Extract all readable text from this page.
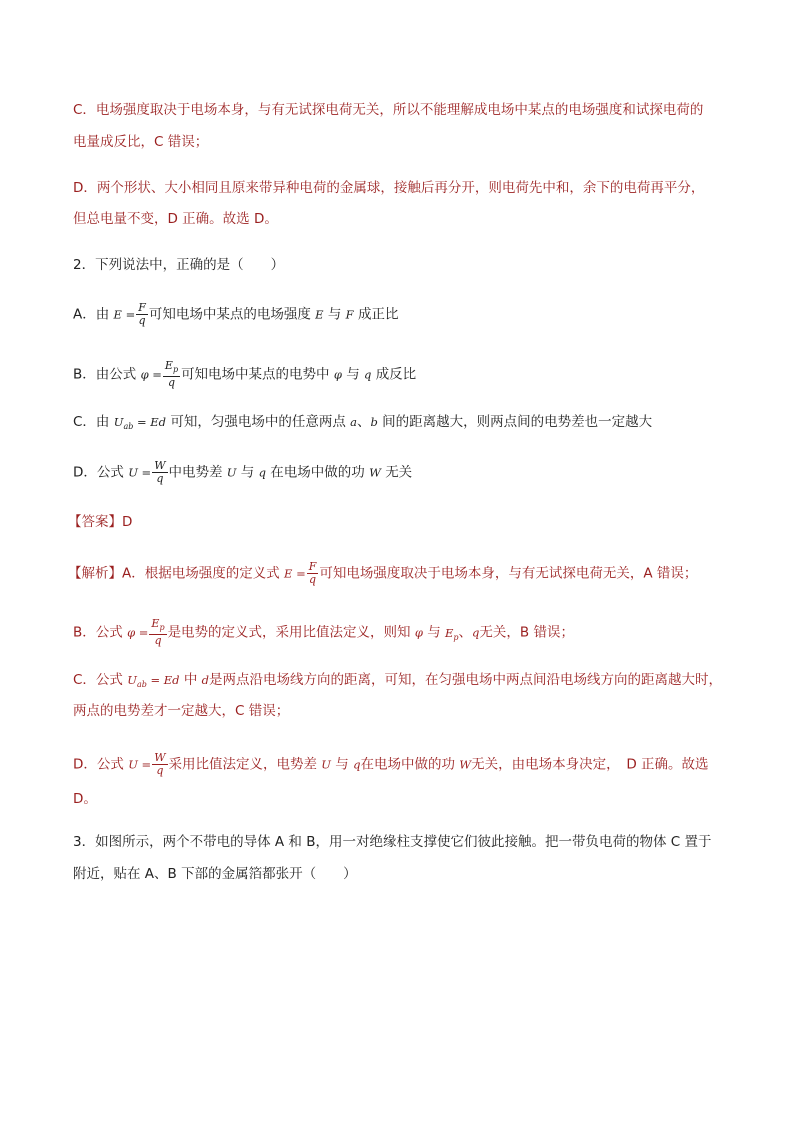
C．电场强度取决于电场本身，与有无试探电荷无关，所以不能理解成电场中某点的电场强度和试探电荷的
电量成反比，C 错误；
D．两个形状、大小相同且原来带异种电荷的金属球，接触后再分开，则电荷先中和，余下的电荷再平分，
但总电量不变，D 正确。故选 D。
2．下列说法中，正确的是（　　）
A．由 $E = \frac{F}{q}$ 可知电场中某点的电场强度 E 与 F 成正比
B．由公式 $\varphi = \frac{E_p}{q}$ 可知电场中某点的电势中 φ 与 q 成反比
C．由 $U_{ab} = Ed$ 可知，匀强电场中的任意两点 a、b 间的距离越大，则两点间的电势差也一定越大
D．公式 $U = \frac{W}{q}$ 中电势差 U 与 q 在电场中做的功 W 无关
【答案】D
【解析】A．根据电场强度的定义式 $E = \frac{F}{q}$ 可知电场强度取决于电场本身，与有无试探电荷无关，A 错误；
B．公式 $\varphi = \frac{E_p}{q}$ 是电势的定义式，采用比值法定义，则知 φ 与 $E_p$、q无关，B 错误；
C．公式 $U_{ab} = Ed$ 中 d是两点沿电场线方向的距离，可知，在匀强电场中两点间沿电场线方向的距离越大时，
两点的电势差才一定越大，C 错误；
D．公式 $U = \frac{W}{q}$ 采用比值法定义，电势差 U 与 q在电场中做的功 W无关，由电场本身决定，　D 正确。故选
D。
3．如图所示，两个不带电的导体 A 和 B，用一对绝缘柱支撑使它们彼此接触。把一带负电荷的物体 C 置于
附近，贴在 A、B 下部的金属箔都张开（　　）
